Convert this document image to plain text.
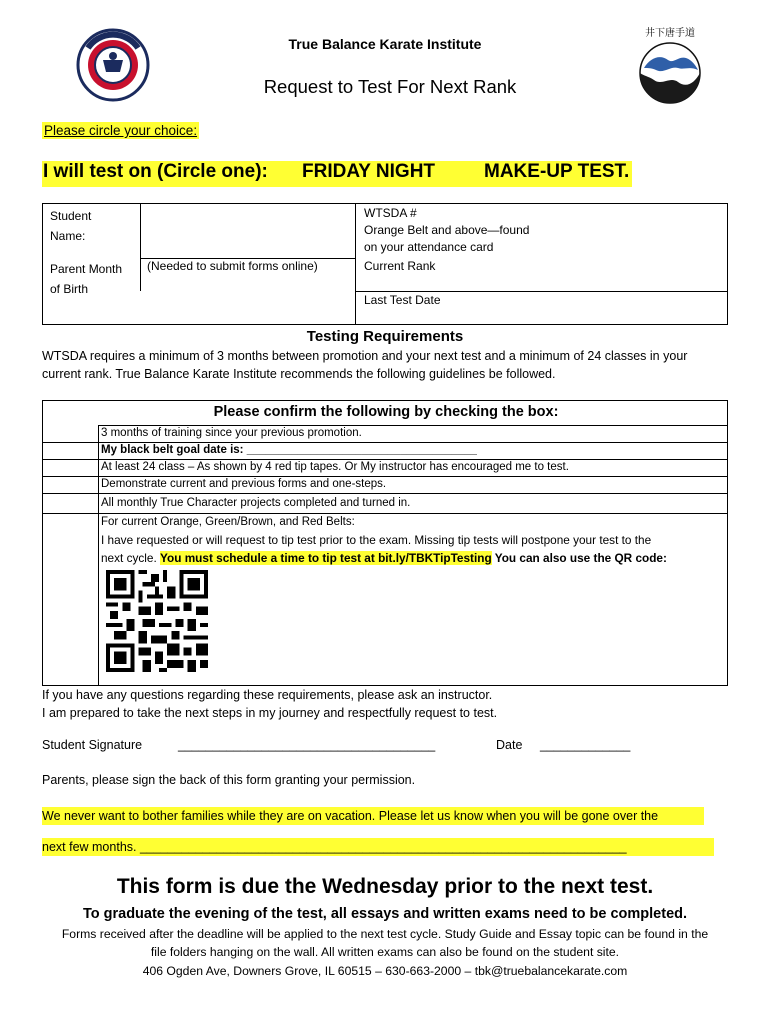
井下唐手道
True Balance Karate Institute
Request to Test For Next Rank
Please circle your choice:
I will test on (Circle one): FRIDAY NIGHT	MAKE-UP TEST.
Student
Name:
Parent Month
of Birth
(Needed to submit forms online)
WTSDA #
Orange Belt and above—found
on your attendance card
Current Rank
Last Test Date
Testing Requirements
WTSDA requires a minimum of 3 months between promotion and your next test and a minimum of 24 classes in your
current rank. True Balance Karate Institute recommends the following guidelines be followed.
Please confirm the following by checking the box:
3 months of training since your previous promotion.
My black belt goal date is: ____________________________________
At least 24 class – As shown by 4 red tip tapes. Or My instructor has encouraged me to test.
Demonstrate current and previous forms and one-steps.
All monthly True Character projects completed and turned in.
For current Orange, Green/Brown, and Red Belts:
I have requested or will request to tip test prior to the exam. Missing tip tests will postpone your test to the
next cycle. You must schedule a time to tip test at bit.ly/TBKTipTesting You can also use the QR code:
If you have any questions regarding these requirements, please ask an instructor.
I am prepared to take the next steps in my journey and respectfully request to test.
Student Signature	_____________________________________	Date _____________
Parents, please sign the back of this form granting your permission.
We never want to bother families while they are on vacation. Please let us know when you will be gone over the
next few months. ______________________________________________________________________
This form is due the Wednesday prior to the next test.
To graduate the evening of the test, all essays and written exams need to be completed.
Forms received after the deadline will be applied to the next test cycle. Study Guide and Essay topic can be found in the
file folders hanging on the wall. All written exams can also be found on the student site.
406 Ogden Ave, Downers Grove, IL 60515 – 630-663-2000 – tbk@truebalancekarate.com
